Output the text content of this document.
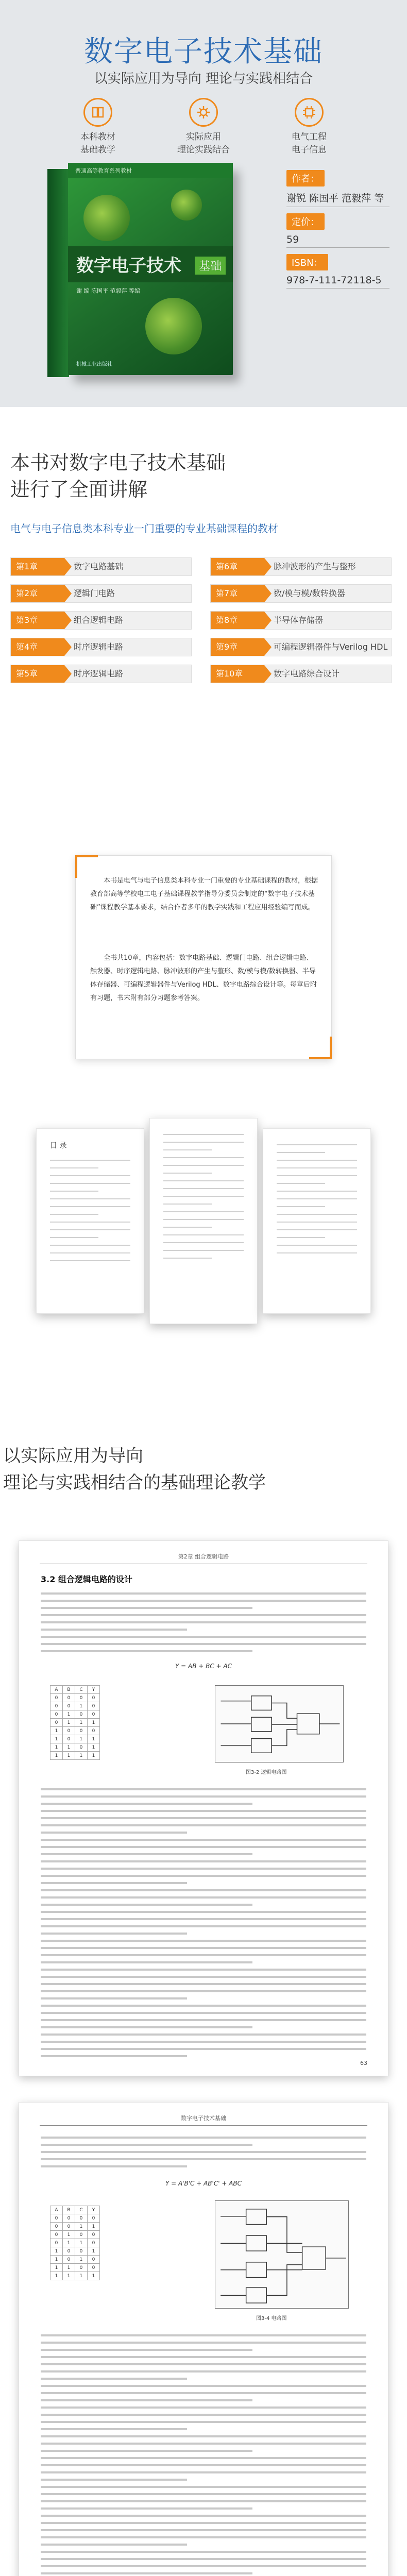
数字电子技术基础
以实际应用为导向 理论与实践相结合
本科教材
基础教学
实际应用
理论实践结合
电气工程
电子信息
普通高等教育系列教材
数字电子技术	基础
谢 编 陈国平 范毅萍 等编
机械工业出版社
作者：
谢锐 陈国平 范毅萍 等
定价：
59
ISBN：
978-7-111-72118-5
本书对数字电子技术基础
进行了全面讲解
电气与电子信息类本科专业一门重要的专业基础课程的教材
第1章	数字电路基础	第6章	脉冲波形的产生与整形
第2章	逻辑门电路	第7章	数/模与模/数转换器
第3章	组合逻辑电路	第8章	半导体存储器
第4章	时序逻辑电路	第9章	可编程逻辑器件与Verilog HDL
第5章	时序逻辑电路	第10章	数字电路综合设计

本书是电气与电子信息类本科专业一门重要的专业基础课程的教材，根据教育部高等学校电工电子基础课程教学指导分委员会制定的“数字电子技术基础”课程教学基本要求，结合作者多年的教学实践和工程应用经验编写而成。

全书共10章，内容包括：数字电路基础、逻辑门电路、组合逻辑电路、触发器、时序逻辑电路、脉冲波形的产生与整形、数/模与模/数转换器、半导体存储器、可编程逻辑器件与Verilog HDL、数字电路综合设计等。每章后附有习题，书末附有部分习题参考答案。

目 录
以实际应用为导向
理论与实践相结合的基础理论教学
第2章 组合逻辑电路
3.2 组合逻辑电路的设计
Y = AB + BC + AC
A	B	C	Y
0	0	0	0
0	0	1	0
0	1	0	0
0	1	1	1
1	0	0	0
1	0	1	1
1	1	0	1
1	1	1	1
图3-2 逻辑电路图
63
数字电子技术基础
Y = A'B'C + AB'C' + ABC
A	B	C	Y
0	0	0	0
0	0	1	1
0	1	0	0
0	1	1	0
1	0	0	1
1	0	1	0
1	1	0	0
1	1	1	1
图3-4 电路图
